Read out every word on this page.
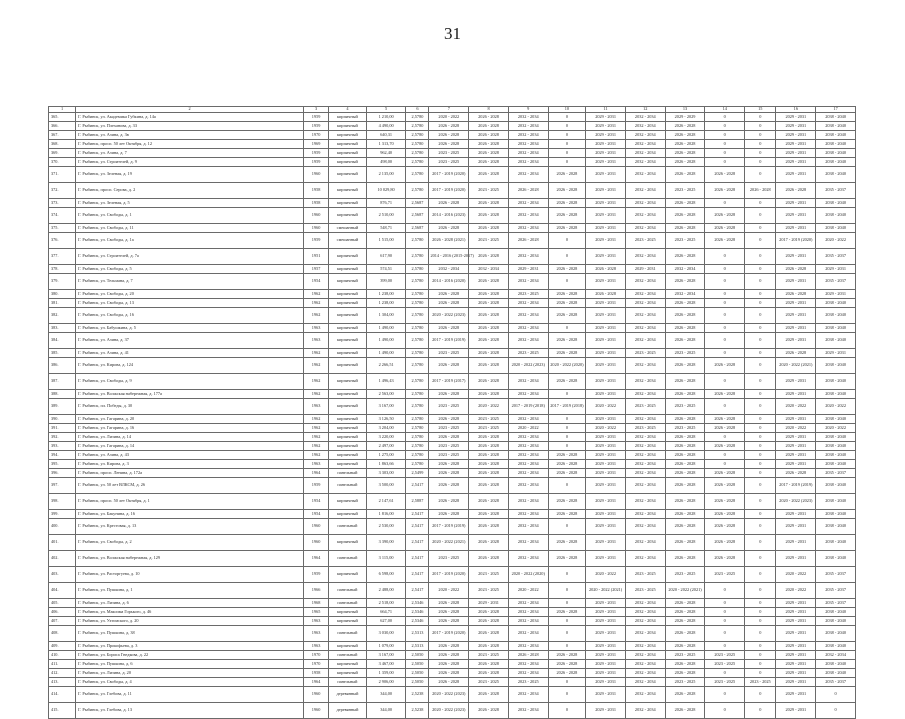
31
1	2	3	4	5	6	7	8	9	10	11	12	13	14	15	16	17
365.	Г. Рыбинск, ул. Академика Губкина, д. 14а	1959	кирпичный	1 210,00	2,5780	2020 - 2022	2026 - 2028	2032 - 2034	0	2029 - 2031	2032 - 2034	2029 - 2029	0	0	2029 - 2031	2038 - 2040
366.	Г. Рыбинск, ул. Плеханова, д. 33	1959	кирпичный	4 490,00	2,5780	2026 - 2028	2026 - 2028	2032 - 2034	0	2029 - 2031	2032 - 2034	2026 - 2028	0	0	2029 - 2031	2038 - 2040
367.	Г. Рыбинск, ул. Азина, д. 3в	1970	кирпичный	640,31	2,5780	2026 - 2028	2026 - 2028	2032 - 2034	0	2029 - 2031	2032 - 2034	2026 - 2028	0	0	2029 - 2031	2038 - 2040
368.	Г. Рыбинск, просп. 50 лет Октября, д. 12	1969	кирпичный	1 313,70	2,5780	2026 - 2028	2026 - 2028	2032 - 2034	0	2029 - 2031	2032 - 2034	2026 - 2028	0	0	2029 - 2031	2038 - 2040
369.	Г. Рыбинск, ул. Азина, д. 7	1959	кирпичный	962,40	2,5780	2023 - 2025	2026 - 2028	2032 - 2034	0	2029 - 2031	2032 - 2034	2026 - 2028	0	0	2029 - 2031	2038 - 2040
370.	Г. Рыбинск, ул. Строителей, д. 9	1959	кирпичный	498,00	2,5780	2023 - 2025	2026 - 2028	2032 - 2034	0	2029 - 2031	2032 - 2034	2026 - 2028	0	0	2029 - 2031	2038 - 2040
371.	Г. Рыбинск, ул. Зеленая, д. 19	1960	кирпичный	2 135,00	2,5780	2017 - 2019 (2020)	2026 - 2028	2032 - 2034	2026 - 2028	2029 - 2031	2032 - 2034	2026 - 2028	2026 - 2028	0	2029 - 2031	2038 - 2040
372.	Г. Рыбинск, просп. Серова, д. 2	1958	кирпичный	10 029,80	2,5780	2017 - 2019 (2020)	2023 - 2025	2026 - 2028	2026 - 2028	2029 - 2031	2032 - 2034	2023 - 2025	2026 - 2028	2026 - 2028	2026 - 2028	2035 - 2037
373.	Г. Рыбинск, ул. Зеленая, д. 5	1958	кирпичный	876,71	2,5687	2026 - 2028	2026 - 2028	2032 - 2034	2026 - 2028	2029 - 2031	2032 - 2034	2026 - 2028	0	0	2029 - 2031	2038 - 2040
374.	Г. Рыбинск, ул. Свободы, д. 1	1960	кирпичный	2 510,00	2,5687	2014 - 2016 (2023)	2026 - 2028	2032 - 2034	2026 - 2028	2029 - 2031	2032 - 2034	2026 - 2028	2026 - 2028	0	2029 - 2031	2038 - 2040
375.	Г. Рыбинск, ул. Свободы, д. 11	1960	смешанный	548,71	2,5687	2026 - 2028	2026 - 2028	2032 - 2034	2026 - 2028	2029 - 2031	2032 - 2034	2026 - 2028	2026 - 2028	0	2029 - 2031	2038 - 2040
376.	Г. Рыбинск, ул. Свободы, д. 1а	1959	смешанный	1 515,00	2,5780	2026 - 2028 (2021)	2023 - 2025	2026 - 2028	0	2029 - 2031	2023 - 2025	2023 - 2025	2026 - 2028	0	2017 - 2019 (2020)	2020 - 2022
377.	Г. Рыбинск, ул. Строителей, д. 7а	1951	кирпичный	617,90	2,5780	2014 - 2016 (2015-2017)	2026 - 2028	2032 - 2034	0	2029 - 2031	2032 - 2034	2026 - 2028	0	0	2029 - 2031	2035 - 2037
378.	Г. Рыбинск, ул. Свободы, д. 5	1957	кирпичный	574,51	2,5780	2032 - 2034	2032 - 2034	2029 - 2031	2026 - 2028	2026 - 2028	2029 - 2031	2032 - 2034	0	0	2026 - 2028	2029 - 2031
379.	Г. Рыбинск, ул. Тельмана, д. 7	1954	кирпичный	399,00	2,5780	2014 - 2016 (2020)	2026 - 2028	2032 - 2034	0	2029 - 2031	2032 - 2034	2026 - 2028	0	0	2029 - 2031	2035 - 2037
380.	Г. Рыбинск, ул. Свободы, д. 20	1962	кирпичный	1 238,00	2,5780	2026 - 2028	2026 - 2028	2023 - 2025	2026 - 2028	2026 - 2028	2032 - 2034	2032 - 2034	0	0	2026 - 2028	2029 - 2031
381.	Г. Рыбинск, ул. Свободы, д. 13	1962	кирпичный	1 238,00	2,5780	2026 - 2028	2026 - 2028	2032 - 2034	2026 - 2028	2029 - 2031	2032 - 2034	2026 - 2028	0	0	2029 - 2031	2038 - 2040
382.	Г. Рыбинск, ул. Свободы, д. 16	1962	кирпичный	1 304,00	2,5780	2020 - 2022 (2023)	2026 - 2028	2032 - 2034	2026 - 2028	2029 - 2031	2032 - 2034	2026 - 2028	0	0	2029 - 2031	2038 - 2040
383.	Г. Рыбинск, ул. Бабушкина, д. 5	1963	кирпичный	1 490,00	2,5780	2026 - 2028	2026 - 2028	2032 - 2034	0	2029 - 2031	2032 - 2034	2026 - 2028	0	0	2029 - 2031	2038 - 2040
384.	Г. Рыбинск, ул. Азина, д. 37	1963	кирпичный	1 490,00	2,5780	2017 - 2019 (2019)	2026 - 2028	2032 - 2034	2026 - 2028	2029 - 2031	2032 - 2034	2026 - 2028	0	0	2029 - 2031	2038 - 2040
385.	Г. Рыбинск, ул. Азина, д. 41	1962	кирпичный	1 490,00	2,5780	2023 - 2025	2026 - 2028	2023 - 2025	2026 - 2028	2029 - 2031	2023 - 2025	2023 - 2025	0	0	2026 - 2028	2029 - 2031
386.	Г. Рыбинск, ул. Кирова, д. 124	1962	кирпичный	2 266,51	2,5780	2026 - 2028	2026 - 2028	2020 - 2022 (2023)	2020 - 2022 (2020)	2029 - 2031	2032 - 2034	2026 - 2028	2026 - 2028	0	2020 - 2022 (2021)	2038 - 2040
387.	Г. Рыбинск, ул. Свободы, д. 9	1962	кирпичный	1 496,43	2,5780	2017 - 2019 (2017)	2026 - 2028	2032 - 2034	2026 - 2028	2029 - 2031	2032 - 2034	2026 - 2028	0	0	2029 - 2031	2038 - 2040
388.	Г. Рыбинск, ул. Волжская набережная, д. 177а	1962	кирпичный	2 563,00	2,5780	2026 - 2028	2026 - 2028	2032 - 2034	0	2029 - 2031	2032 - 2034	2026 - 2028	2026 - 2028	0	2029 - 2031	2038 - 2040
389.	Г. Рыбинск, пл. Победы, д. 30	1963	кирпичный	3 167,00	2,5780	2023 - 2025	2020 - 2022	2017 - 2019 (2018)	2017 - 2019 (2018)	2020 - 2022	2023 - 2025	2023 - 2025	0	0	2020 - 2022	2020 - 2022
390.	Г. Рыбинск, ул. Гагарина, д. 20	1962	кирпичный	3 126,50	2,5780	2026 - 2028	2023 - 2025	2032 - 2034	0	2029 - 2031	2032 - 2034	2026 - 2028	2026 - 2028	0	2029 - 2031	2038 - 2040
391.	Г. Рыбинск, ул. Гагарина, д. 16	1962	кирпичный	3 204,00	2,5780	2023 - 2025	2023 - 2025	2020 - 2022	0	2020 - 2022	2023 - 2025	2023 - 2025	2026 - 2028	0	2020 - 2022	2020 - 2022
392.	Г. Рыбинск, ул. Лизина, д. 14	1962	кирпичный	3 220,00	2,5780	2026 - 2028	2026 - 2028	2032 - 2034	0	2029 - 2031	2032 - 2034	2026 - 2028	0	0	2029 - 2031	2038 - 2040
393.	Г. Рыбинск, ул. Гагарина, д. 14	1962	кирпичный	2 497,00	2,5780	2023 - 2025	2026 - 2028	2032 - 2034	0	2029 - 2031	2032 - 2034	2026 - 2028	2026 - 2028	0	2029 - 2031	2038 - 2040
394.	Г. Рыбинск, ул. Азина, д. 43	1962	кирпичный	1 275,00	2,5780	2023 - 2025	2026 - 2028	2032 - 2034	2026 - 2028	2029 - 2031	2032 - 2034	2026 - 2028	0	0	2029 - 2031	2038 - 2040
395.	Г. Рыбинск, ул. Кирова, д. 3	1963	кирпичный	1 863,66	2,5780	2026 - 2028	2026 - 2028	2032 - 2034	2026 - 2028	2029 - 2031	2032 - 2034	2026 - 2028	0	0	2029 - 2031	2038 - 2040
396.	Г. Рыбинск, просп. Ленина, д. 172а	1964	панельный	3 303,00	2,5499	2026 - 2028	2026 - 2028	2032 - 2034	2026 - 2028	2029 - 2031	2032 - 2034	2026 - 2028	2026 - 2028	0	2026 - 2028	2035 - 2037
397.	Г. Рыбинск, ул. 50 лет ВЛКСМ, д. 26	1959	панельный	3 500,00	2,5417	2026 - 2028	2026 - 2028	2032 - 2034	0	2029 - 2031	2032 - 2034	2026 - 2028	2026 - 2028	0	2017 - 2019 (2019)	2038 - 2040
398.	Г. Рыбинск, просп. 50 лет Октября, д. 1	1954	кирпичный	2 147,61	2,5887	2026 - 2028	2026 - 2028	2032 - 2034	2026 - 2028	2029 - 2031	2032 - 2034	2026 - 2028	2026 - 2028	0	2020 - 2022 (2023)	2038 - 2040
399.	Г. Рыбинск, ул. Бакунина, д. 16	1954	кирпичный	1 816,00	2,5417	2026 - 2028	2026 - 2028	2032 - 2034	2026 - 2028	2029 - 2031	2032 - 2034	2026 - 2028	2026 - 2028	0	2029 - 2031	2038 - 2040
400.	Г. Рыбинск, ул. Крестовая, д. 13	1960	панельный	2 530,00	2,5417	2017 - 2019 (2019)	2026 - 2028	2032 - 2034	0	2029 - 2031	2032 - 2034	2026 - 2028	2026 - 2028	0	2029 - 2031	2038 - 2040
401.	Г. Рыбинск, ул. Свободы, д. 2	1960	кирпичный	3 390,00	2,5417	2020 - 2022 (2021)	2026 - 2028	2032 - 2034	2026 - 2028	2029 - 2031	2032 - 2034	2026 - 2028	2026 - 2028	0	2029 - 2031	2038 - 2040
402.	Г. Рыбинск, ул. Волжская набережная, д. 129	1964	панельный	3 115,00	2,5417	2023 - 2025	2026 - 2028	2032 - 2034	2026 - 2028	2029 - 2031	2032 - 2034	2026 - 2028	2026 - 2028	0	2029 - 2031	2038 - 2040
403.	Г. Рыбинск, ул. Расторгуева, д. 10	1959	кирпичный	6 598,00	2,5417	2017 - 2019 (2020)	2023 - 2025	2020 - 2022 (2020)	0	2020 - 2022	2023 - 2025	2023 - 2025	2023 - 2025	0	2020 - 2022	2035 - 2037
404.	Г. Рыбинск, ул. Пушкина, д. 1	1966	панельный	2 488,00	2,5417	2020 - 2022	2023 - 2025	2020 - 2022	0	2020 - 2022 (2021)	2023 - 2025	2020 - 2022 (2021)	0	0	2020 - 2022	2035 - 2037
405.	Г. Рыбинск, ул. Лизина, д. 6	1968	панельный	2 518,00	2,5346	2026 - 2028	2029 - 2031	2032 - 2034	0	2029 - 2031	2032 - 2034	2026 - 2028	0	0	2029 - 2031	2035 - 2037
406.	Г. Рыбинск, ул. Максима Горького, д. 46	1965	кирпичный	664,71	2,5346	2026 - 2028	2026 - 2028	2032 - 2034	2026 - 2028	2029 - 2031	2032 - 2034	2026 - 2028	0	0	2029 - 2031	2038 - 2040
407.	Г. Рыбинск, ул. Ухтомского, д. 20	1963	кирпичный	627,00	2,5346	2026 - 2028	2026 - 2028	2032 - 2034	0	2029 - 2031	2032 - 2034	2026 - 2028	0	0	2029 - 2031	2038 - 2040
408.	Г. Рыбинск, ул. Пушкина, д. 38	1963	панельный	3 030,00	2,5313	2017 - 2019 (2020)	2026 - 2028	2032 - 2034	0	2029 - 2031	2032 - 2034	2026 - 2028	0	0	2029 - 2031	2038 - 2040
409.	Г. Рыбинск, ул. Прокофьева, д. 3	1963	кирпичный	1 079,00	2,5313	2026 - 2028	2026 - 2028	2032 - 2034	0	2029 - 2031	2032 - 2034	2026 - 2028	0	0	2029 - 2031	2038 - 2040
410.	Г. Рыбинск, ул. Бориса Гнедкова, д. 22	1970	панельный	3 167,00	2,5050	2026 - 2028	2023 - 2025	2026 - 2028	2026 - 2028	2029 - 2031	2032 - 2034	2023 - 2025	2023 - 2025	0	2029 - 2031	2032 - 2034
411.	Г. Рыбинск, ул. Пушкина, д. 6	1970	кирпичный	3 467,00	2,5050	2026 - 2028	2026 - 2028	2032 - 2034	2026 - 2028	2029 - 2031	2032 - 2034	2026 - 2028	2023 - 2025	0	2029 - 2031	2038 - 2040
412.	Г. Рыбинск, ул. Лизина, д. 20	1958	кирпичный	1 359,00	2,5050	2026 - 2028	2026 - 2028	2032 - 2034	2026 - 2028	2029 - 2031	2032 - 2034	2026 - 2028	0	0	2029 - 2031	2038 - 2040
413.	Г. Рыбинск, ул. Свободы, д. 4	1964	панельный	2 906,00	2,5050	2026 - 2028	2023 - 2025	2023 - 2025	0	2029 - 2031	2032 - 2034	2023 - 2025	2023 - 2025	2023 - 2025	2029 - 2031	2035 - 2037
414.	Г. Рыбинск, ул. Глебова, д. 11	1960	деревянный	344,00	2,5238	2020 - 2022 (2023)	2026 - 2028	2032 - 2034	0	2029 - 2031	2032 - 2034	2026 - 2028	0	0	2029 - 2031	0
415.	Г. Рыбинск, ул. Глебова, д. 13	1960	деревянный	344,00	2,5238	2020 - 2022 (2023)	2026 - 2028	2032 - 2034	0	2029 - 2031	2032 - 2034	2026 - 2028	0	0	2029 - 2031	0
